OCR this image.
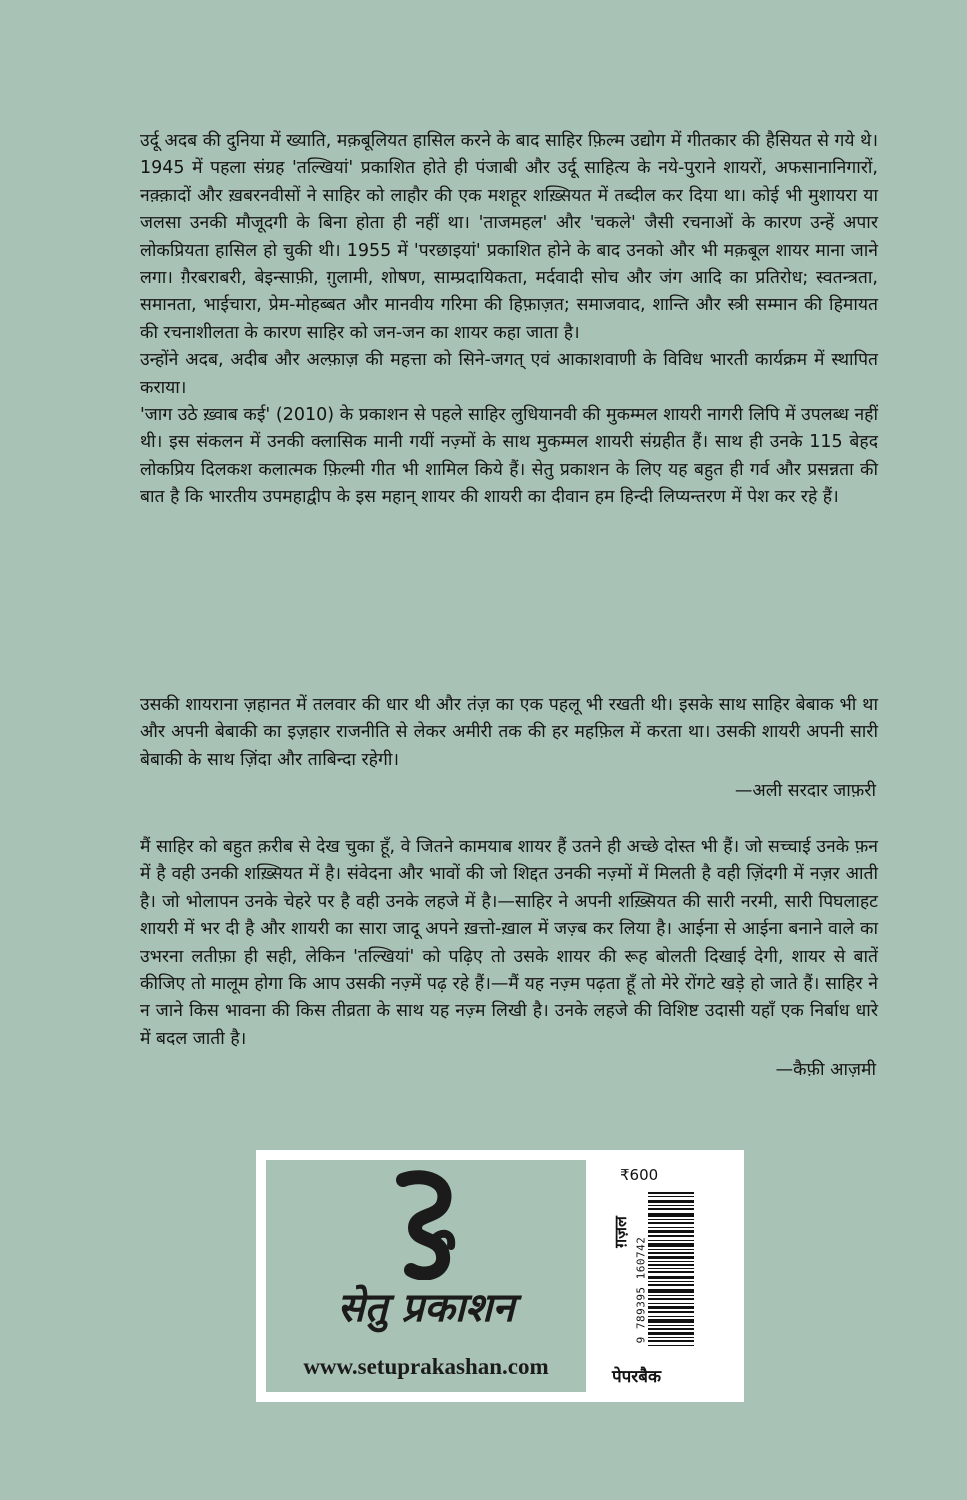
उर्दू अदब की दुनिया में ख्याति, मक़बूलियत हासिल करने के बाद साहिर फ़िल्म उद्योग में गीतकार की हैसियत से गये थे। 1945 में पहला संग्रह 'तल्खियां' प्रकाशित होते ही पंजाबी और उर्दू साहित्य के नये-पुराने शायरों, अफसानानिगारों, नक़्क़ादों और ख़बरनवीसों ने साहिर को लाहौर की एक मशहूर शख़्सियत में तब्दील कर दिया था। कोई भी मुशायरा या जलसा उनकी मौजूदगी के बिना होता ही नहीं था। 'ताजमहल' और 'चकले' जैसी रचनाओं के कारण उन्हें अपार लोकप्रियता हासिल हो चुकी थी। 1955 में 'परछाइयां' प्रकाशित होने के बाद उनको और भी मक़बूल शायर माना जाने लगा। ग़ैरबराबरी, बेइन्साफ़ी, ग़ुलामी, शोषण, साम्प्रदायिकता, मर्दवादी सोच और जंग आदि का प्रतिरोध; स्वतन्त्रता, समानता, भाईचारा, प्रेम-मोहब्बत और मानवीय गरिमा की हिफ़ाज़त; समाजवाद, शान्ति और स्त्री सम्मान की हिमायत की रचनाशीलता के कारण साहिर को जन-जन का शायर कहा जाता है।

उन्होंने अदब, अदीब और अल्फ़ाज़ की महत्ता को सिने-जगत् एवं आकाशवाणी के विविध भारती कार्यक्रम में स्थापित कराया।

'जाग उठे ख़्वाब कई' (2010) के प्रकाशन से पहले साहिर लुधियानवी की मुकम्मल शायरी नागरी लिपि में उपलब्ध नहीं थी। इस संकलन में उनकी क्लासिक मानी गयीं नज़्मों के साथ मुकम्मल शायरी संग्रहीत हैं। साथ ही उनके 115 बेहद लोकप्रिय दिलकश कलात्मक फ़िल्मी गीत भी शामिल किये हैं। सेतु प्रकाशन के लिए यह बहुत ही गर्व और प्रसन्नता की बात है कि भारतीय उपमहाद्वीप के इस महान् शायर की शायरी का दीवान हम हिन्दी लिप्यन्तरण में पेश कर रहे हैं।

उसकी शायराना ज़हानत में तलवार की धार थी और तंज़ का एक पहलू भी रखती थी। इसके साथ साहिर बेबाक भी था और अपनी बेबाकी का इज़हार राजनीति से लेकर अमीरी तक की हर महफ़िल में करता था। उसकी शायरी अपनी सारी बेबाकी के साथ ज़िंदा और ताबिन्दा रहेगी।

—अली सरदार जाफ़री

मैं साहिर को बहुत क़रीब से देख चुका हूँ, वे जितने कामयाब शायर हैं उतने ही अच्छे दोस्त भी हैं। जो सच्चाई उनके फ़न में है वही उनकी शख़्सियत में है। संवेदना और भावों की जो शिद्दत उनकी नज़्मों में मिलती है वही ज़िंदगी में नज़र आती है। जो भोलापन उनके चेहरे पर है वही उनके लहजे में है।—साहिर ने अपनी शख़्सियत की सारी नरमी, सारी पिघलाहट शायरी में भर दी है और शायरी का सारा जादू अपने ख़त्तो-ख़ाल में जज़्ब कर लिया है। आईना से आईना बनाने वाले का उभरना लतीफ़ा ही सही, लेकिन 'तल्खियां' को पढ़िए तो उसके शायर की रूह बोलती दिखाई देगी, शायर से बातें कीजिए तो मालूम होगा कि आप उसकी नज़्में पढ़ रहे हैं।—मैं यह नज़्म पढ़ता हूँ तो मेरे रोंगटे खड़े हो जाते हैं। साहिर ने न जाने किस भावना की किस तीव्रता के साथ यह नज़्म लिखी है। उनके लहजे की विशिष्ट उदासी यहाँ एक निर्बाध धारे में बदल जाती है।

—कैफ़ी आज़मी
सेतु प्रकाशन
www.setuprakashan.com
₹600
ग़ज़ल
9 789395 160742
पेपरबैक
